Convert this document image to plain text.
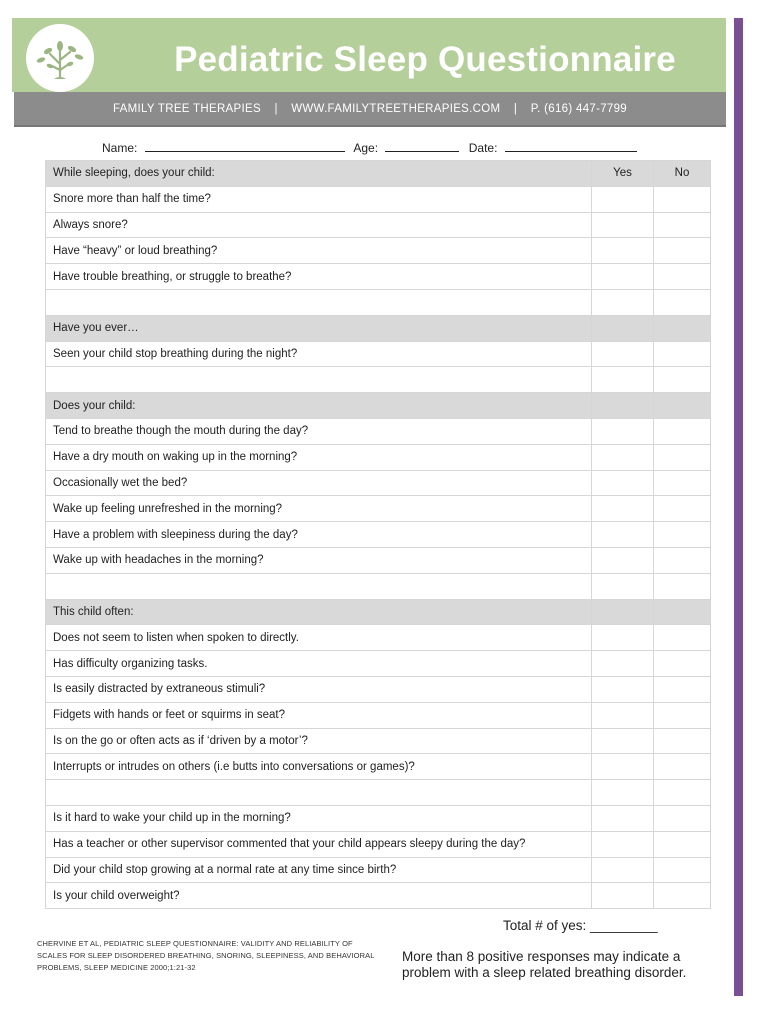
Pediatric Sleep Questionnaire
FAMILY TREE THERAPIES | WWW.FAMILYTREETHERAPIES.COM | P. (616) 447-7799
Name:	Age:	Date:
While sleeping, does your child:	Yes	No
Snore more than half the time?		
Always snore?		
Have “heavy” or loud breathing?		
Have trouble breathing, or struggle to breathe?		

Have you ever…		
Seen your child stop breathing during the night?		

Does your child:		
Tend to breathe though the mouth during the day?		
Have a dry mouth on waking up in the morning?		
Occasionally wet the bed?		
Wake up feeling unrefreshed in the morning?		
Have a problem with sleepiness during the day?		
Wake up with headaches in the morning?		

This child often:		
Does not seem to listen when spoken to directly.		
Has difficulty organizing tasks.		
Is easily distracted by extraneous stimuli?		
Fidgets with hands or feet or squirms in seat?		
Is on the go or often acts as if ‘driven by a motor’?		
Interrupts or intrudes on others (i.e butts into conversations or games)?		

Is it hard to wake your child up in the morning?		
Has a teacher or other supervisor commented that your child appears sleepy during the day?		
Did your child stop growing at a normal rate at any time since birth?		
Is your child overweight?		
Total # of yes: _________
CHERVINE ET AL, PEDIATRIC SLEEP QUESTIONNAIRE: VALIDITY AND RELIABILITY OF SCALES FOR SLEEP DISORDERED BREATHING, SNORING, SLEEPINESS, AND BEHAVIORAL PROBLEMS, SLEEP MEDICINE 2000;1:21-32
More than 8 positive responses may indicate a problem with a sleep related breathing disorder.
